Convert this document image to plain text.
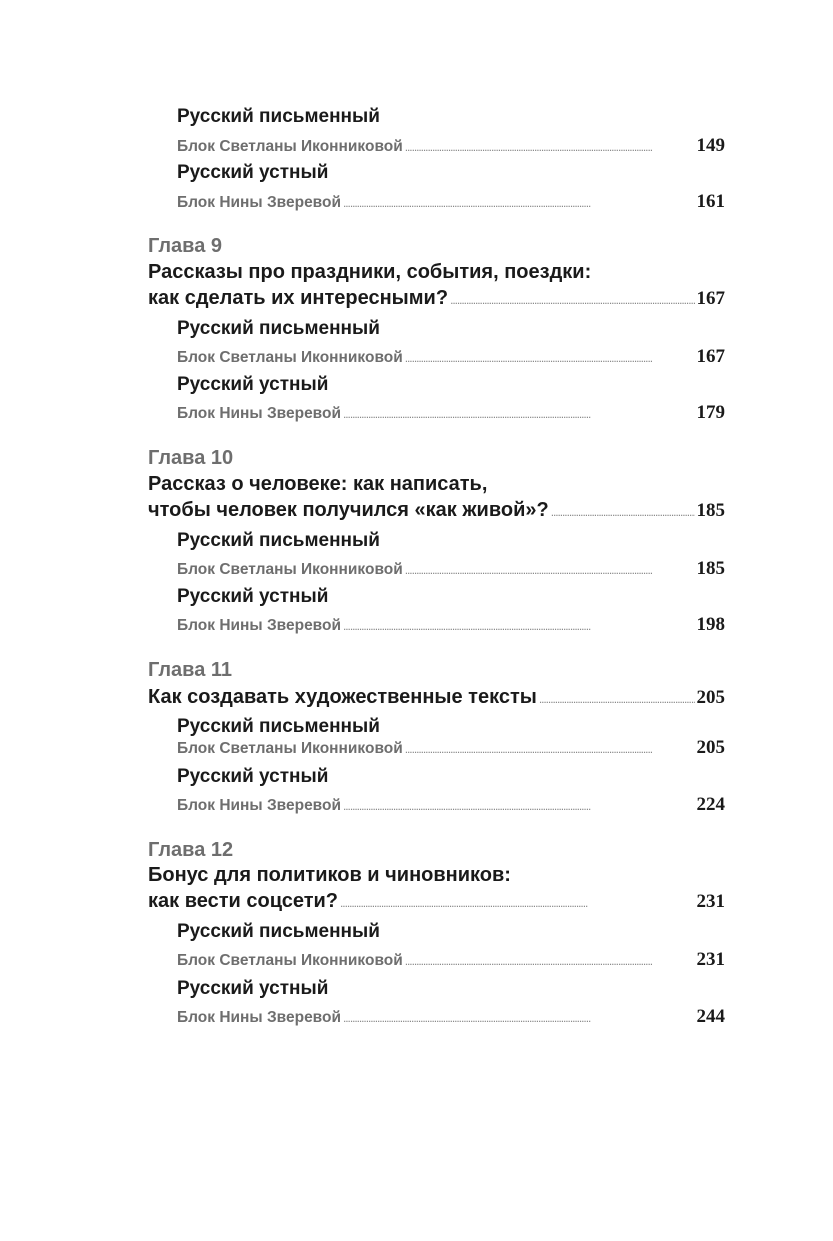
Русский письменный
Блок Светланы Иконниковой . . .	149
Русский устный
Блок Нины Зверевой . . .	161
Глава 9
Рассказы про праздники, события, поездки:
как сделать их интересными? . . .	167
Русский письменный
Блок Светланы Иконниковой . . .	167
Русский устный
Блок Нины Зверевой . . .	179
Глава 10
Рассказ о человеке: как написать,
чтобы человек получился «как живой»? . . .	185
Русский письменный
Блок Светланы Иконниковой . . .	185
Русский устный
Блок Нины Зверевой . . .	198
Глава 11
Как создавать художественные тексты . . .	205
Русский письменный
Блок Светланы Иконниковой . . .	205
Русский устный
Блок Нины Зверевой . . .	224
Глава 12
Бонус для политиков и чиновников:
как вести соцсети? . . .	231
Русский письменный
Блок Светланы Иконниковой . . .	231
Русский устный
Блок Нины Зверевой . . .	244
